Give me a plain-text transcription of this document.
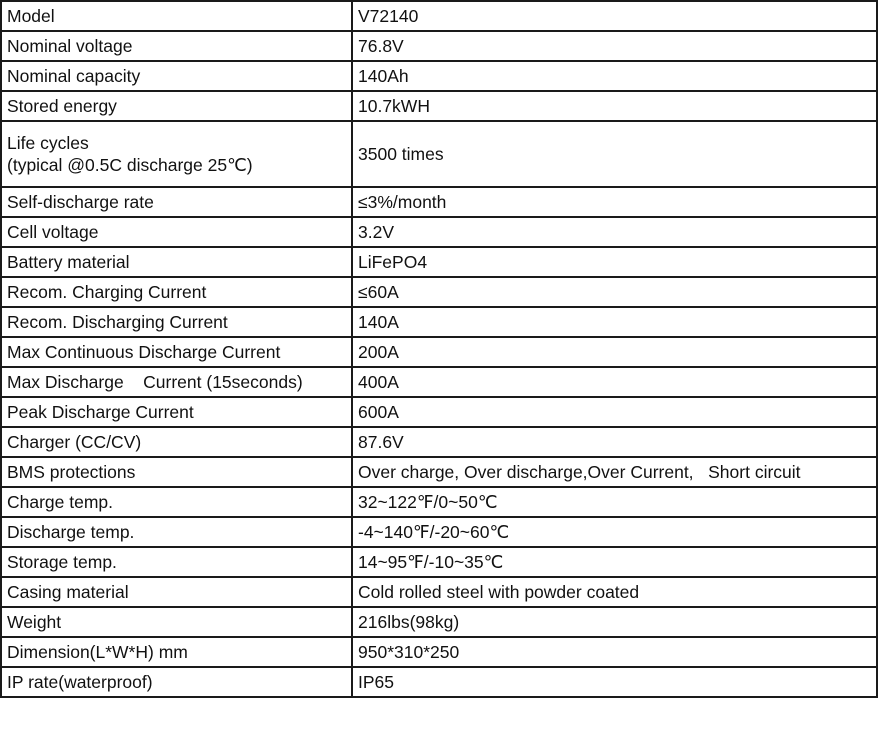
Model	V72140
Nominal voltage	76.8V
Nominal capacity	140Ah
Stored energy	10.7kWH

Life cycles
(typical @0.5C discharge 25℃)	3500 times
Self-discharge rate	≤3%/month
Cell voltage	3.2V
Battery material	LiFePO4
Recom. Charging Current	≤60A
Recom. Discharging Current	140A
Max Continuous Discharge Current	200A
Max Discharge    Current (15seconds)	400A
Peak Discharge Current	600A
Charger (CC/CV)	87.6V
BMS protections	Over charge, Over discharge,Over Current,   Short circuit
Charge temp.	32~122℉/0~50℃
Discharge temp.	-4~140℉/-20~60℃
Storage temp.	14~95℉/-10~35℃
Casing material	Cold rolled steel with powder coated
Weight	216lbs(98kg)
Dimension(L*W*H) mm	950*310*250
IP rate(waterproof)	IP65
